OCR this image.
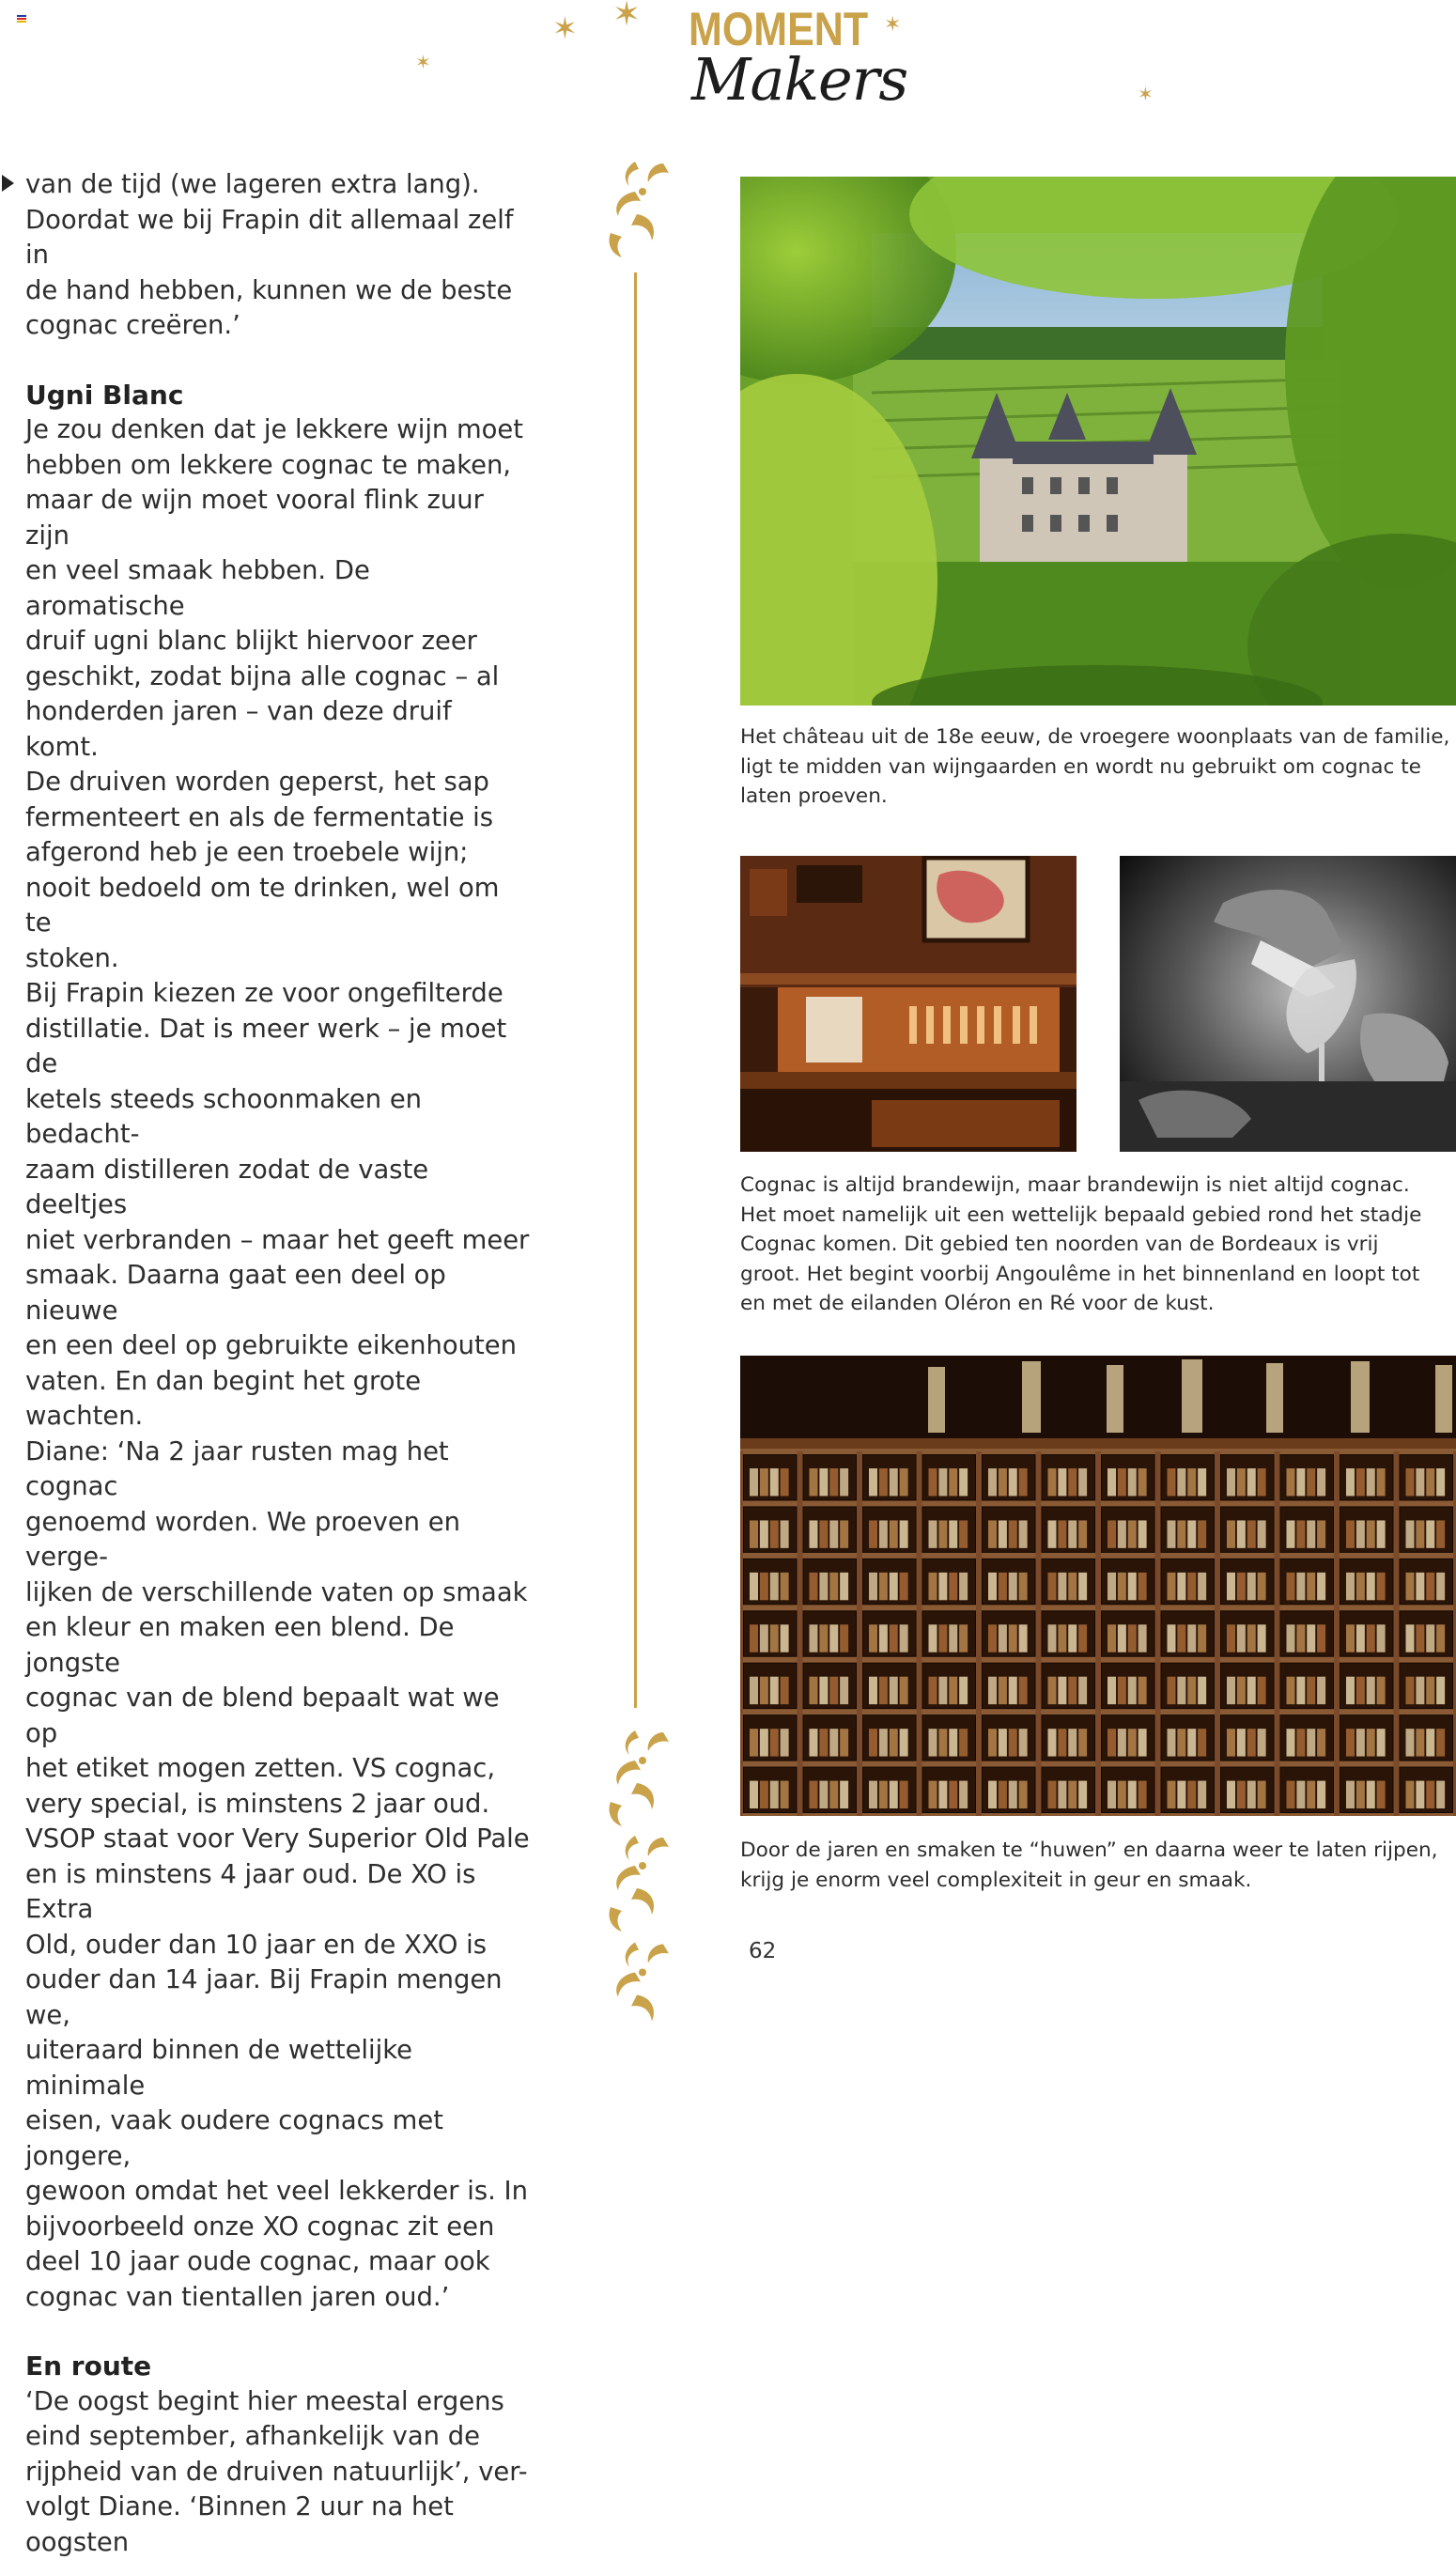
MOMENT
Makers
✶ ✶
✶
✶
✶

van de tijd (we lageren extra lang).
Doordat we bij Frapin dit allemaal zelf in
de hand hebben, kunnen we de beste
cognac creëren.’

Ugni Blanc

Je zou denken dat je lekkere wijn moet
hebben om lekkere cognac te maken,
maar de wijn moet vooral flink zuur zijn
en veel smaak hebben. De aromatische
druif ugni blanc blijkt hiervoor zeer
geschikt, zodat bijna alle cognac – al
honderden jaren – van deze druif komt.
De druiven worden geperst, het sap
fermenteert en als de fermentatie is
afgerond heb je een troebele wijn;
nooit bedoeld om te drinken, wel om te
stoken.
Bij Frapin kiezen ze voor ongefilterde
distillatie. Dat is meer werk – je moet de
ketels steeds schoonmaken en bedacht-
zaam distilleren zodat de vaste deeltjes
niet verbranden – maar het geeft meer
smaak. Daarna gaat een deel op nieuwe
en een deel op gebruikte eikenhouten
vaten. En dan begint het grote wachten.
Diane: ‘Na 2 jaar rusten mag het cognac
genoemd worden. We proeven en verge-
lijken de verschillende vaten op smaak
en kleur en maken een blend. De jongste
cognac van de blend bepaalt wat we op
het etiket mogen zetten. VS cognac,
very special, is minstens 2 jaar oud.
VSOP staat voor Very Superior Old Pale
en is minstens 4 jaar oud. De XO is Extra
Old, ouder dan 10 jaar en de XXO is
ouder dan 14 jaar. Bij Frapin mengen we,
uiteraard binnen de wettelijke minimale
eisen, vaak oudere cognacs met jongere,
gewoon omdat het veel lekkerder is. In
bijvoorbeeld onze XO cognac zit een
deel 10 jaar oude cognac, maar ook
cognac van tientallen jaren oud.’

En route

‘De oogst begint hier meestal ergens
eind september, afhankelijk van de
rijpheid van de druiven natuurlijk’, ver-
volgt Diane. ‘Binnen 2 uur na het oogsten

Het château uit de 18e eeuw, de vroegere woonplaats van de familie,
ligt te midden van wijngaarden en wordt nu gebruikt om cognac te
laten proeven.
Cognac is altijd brandewijn, maar brandewijn is niet altijd cognac.
Het moet namelijk uit een wettelijk bepaald gebied rond het stadje
Cognac komen. Dit gebied ten noorden van de Bordeaux is vrij
groot. Het begint voorbij Angoulême in het binnenland en loopt tot
en met de eilanden Oléron en Ré voor de kust.
Door de jaren en smaken te “huwen” en daarna weer te laten rijpen,
krijg je enorm veel complexiteit in geur en smaak.
62
